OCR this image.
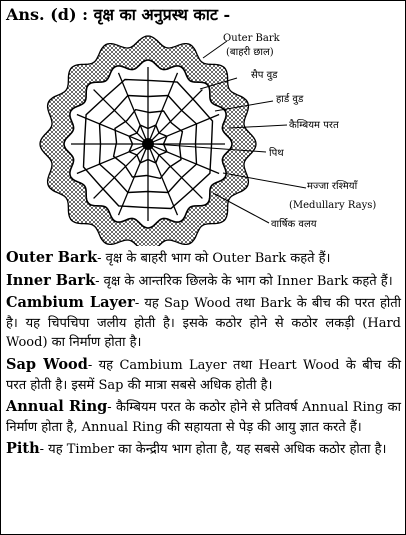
Ans. (d) : वृक्ष का अनुप्रस्थ काट -
Outer Bark
(बाहरी छाल)
सैप वुड
हार्ड वुड
कैम्बियम परत
पिथ
मज्जा रश्मियाँ
(Medullary Rays)
वार्षिक वलय

Outer Bark- वृक्ष के बाहरी भाग को Outer Bark कहते हैं।

Inner Bark- वृक्ष के आन्तरिक छिलके के भाग को Inner Bark कहते हैं।

Cambium Layer- यह Sap Wood तथा Bark के बीच की परत होती है। यह चिपचिपा जलीय होती है। इसके कठोर होने से कठोर लकड़ी (Hard Wood) का निर्माण होता है।

Sap Wood- यह Cambium Layer तथा Heart Wood के बीच की परत होती है। इसमें Sap की मात्रा सबसे अधिक होती है।

Annual Ring- कैम्बियम परत के कठोर होने से प्रतिवर्ष Annual Ring का निर्माण होता है, Annual Ring की सहायता से पेड़ की आयु ज्ञात करते हैं।

Pith- यह Timber का केन्द्रीय भाग होता है, यह सबसे अधिक कठोर होता है।
